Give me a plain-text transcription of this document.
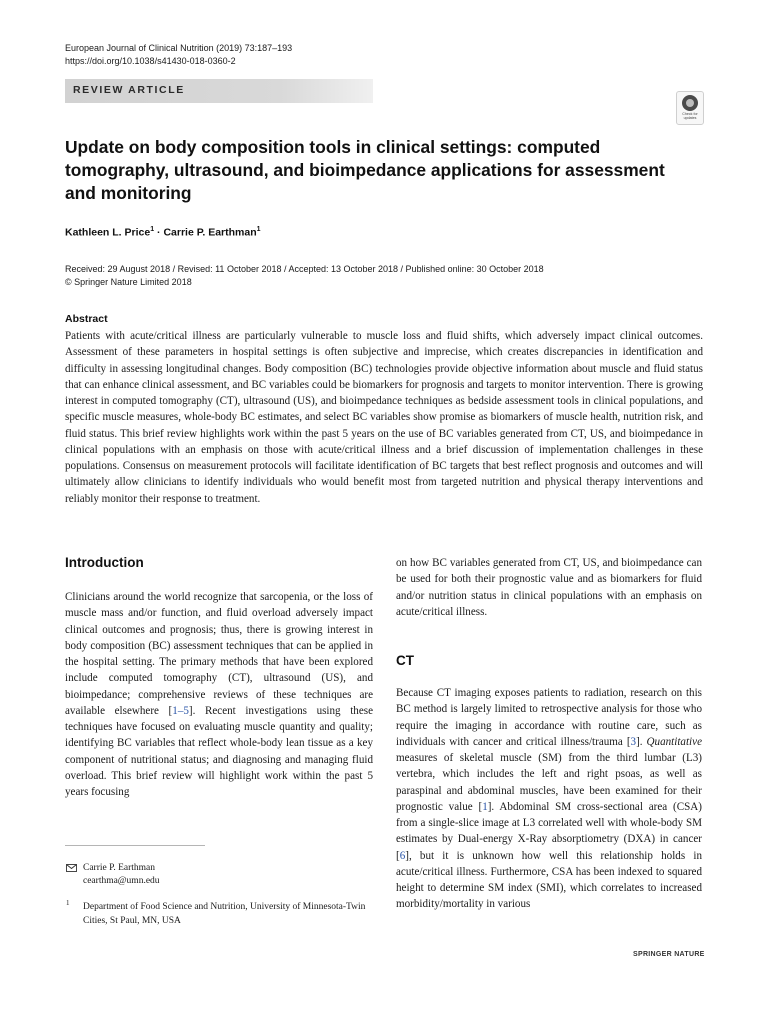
European Journal of Clinical Nutrition (2019) 73:187–193
https://doi.org/10.1038/s41430-018-0360-2
REVIEW ARTICLE
Check for updates
Update on body composition tools in clinical settings: computed tomography, ultrasound, and bioimpedance applications for assessment and monitoring
Kathleen L. Price$^1$ · Carrie P. Earthman$^1$
Received: 29 August 2018 / Revised: 11 October 2018 / Accepted: 13 October 2018 / Published online: 30 October 2018
© Springer Nature Limited 2018
Abstract
Patients with acute/critical illness are particularly vulnerable to muscle loss and fluid shifts, which adversely impact clinical outcomes. Assessment of these parameters in hospital settings is often subjective and imprecise, which creates discrepancies in identification and difficulty in assessing longitudinal changes. Body composition (BC) technologies provide objective information about muscle and fluid status that can enhance clinical assessment, and BC variables could be biomarkers for prognosis and targets to monitor intervention. There is growing interest in computed tomography (CT), ultrasound (US), and bioimpedance techniques as bedside assessment tools in clinical populations, and specific muscle measures, whole-body BC estimates, and select BC variables show promise as biomarkers of muscle health, nutrition risk, and fluid status. This brief review highlights work within the past 5 years on the use of BC variables generated from CT, US, and bioimpedance in clinical populations with an emphasis on those with acute/critical illness and a brief discussion of implementation challenges in these populations. Consensus on measurement protocols will facilitate identification of BC targets that best reflect prognosis and outcomes and will ultimately allow clinicians to identify individuals who would benefit most from targeted nutrition and physical therapy interventions and reliably monitor their response to treatment.
Introduction
Clinicians around the world recognize that sarcopenia, or the loss of muscle mass and/or function, and fluid overload adversely impact clinical outcomes and prognosis; thus, there is growing interest in body composition (BC) assessment techniques that can be applied in the hospital setting. The primary methods that have been explored include computed tomography (CT), ultrasound (US), and bioimpedance; comprehensive reviews of these techniques are available elsewhere [1–5]. Recent investigations using these techniques have focused on evaluating muscle quantity and quality; identifying BC variables that reflect whole-body lean tissue as a key component of nutritional status; and diagnosing and managing fluid overload. This brief review will highlight work within the past 5 years focusing
on how BC variables generated from CT, US, and bioimpedance can be used for both their prognostic value and as biomarkers for fluid and/or nutrition status in clinical populations with an emphasis on acute/critical illness.
CT
Because CT imaging exposes patients to radiation, research on this BC method is largely limited to retrospective analysis for those who require the imaging in accordance with routine care, such as individuals with cancer and critical illness/trauma [3]. Quantitative measures of skeletal muscle (SM) from the third lumbar (L3) vertebra, which includes the left and right psoas, as well as paraspinal and abdominal muscles, have been examined for their prognostic value [1]. Abdominal SM cross-sectional area (CSA) from a single-slice image at L3 correlated well with whole-body SM estimates by Dual-energy X-Ray absorptiometry (DXA) in cancer [6], but it is unknown how well this relationship holds in acute/critical illness. Furthermore, CSA has been indexed to squared height to determine SM index (SMI), which correlates to increased morbidity/mortality in various
Carrie P. Earthman
cearthma@umn.edu
1 Department of Food Science and Nutrition, University of Minnesota-Twin Cities, St Paul, MN, USA
SPRINGER NATURE
